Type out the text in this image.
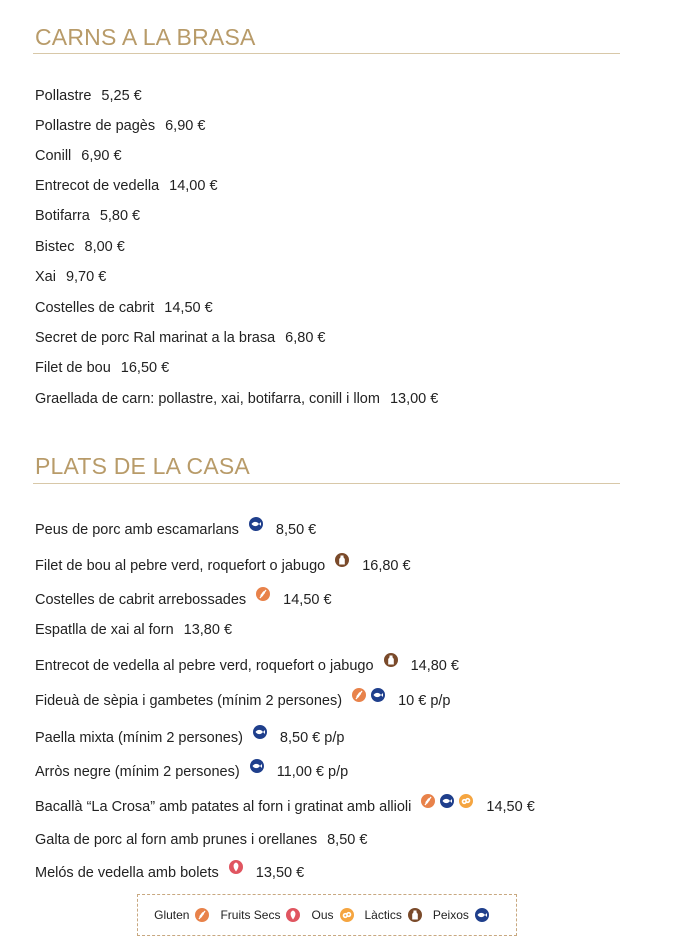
CARNS A LA BRASA
Pollastre 5,25 €
Pollastre de pagès 6,90 €
Conill 6,90 €
Entrecot de vedella 14,00 €
Botifarra 5,80 €
Bistec 8,00 €
Xai 9,70 €
Costelles de cabrit 14,50 €
Secret de porc Ral marinat a la brasa 6,80 €
Filet de bou 16,50 €
Graellada de carn: pollastre, xai, botifarra, conill i llom 13,00 €
PLATS DE LA CASA
Peus de porc amb escamarlans	8,50 €
Filet de bou al pebre verd, roquefort o jabugo	16,80 €
Costelles de cabrit arrebossades	14,50 €
Espatlla de xai al forn 13,80 €
Entrecot de vedella al pebre verd, roquefort o jabugo	14,80 €
Fideuà de sèpia i gambetes (mínim 2 persones)	10 € p/p
Paella mixta (mínim 2 persones)	8,50 € p/p
Arròs negre (mínim 2 persones)	11,00 € p/p
Bacallà “La Crosa” amb patates al forn i gratinat amb allioli	14,50 €
Galta de porc al forn amb prunes i orellanes 8,50 €
Melós de vedella amb bolets	13,50 €
Gluten	Fruits Secs	Ous	Làctics	Peixos
